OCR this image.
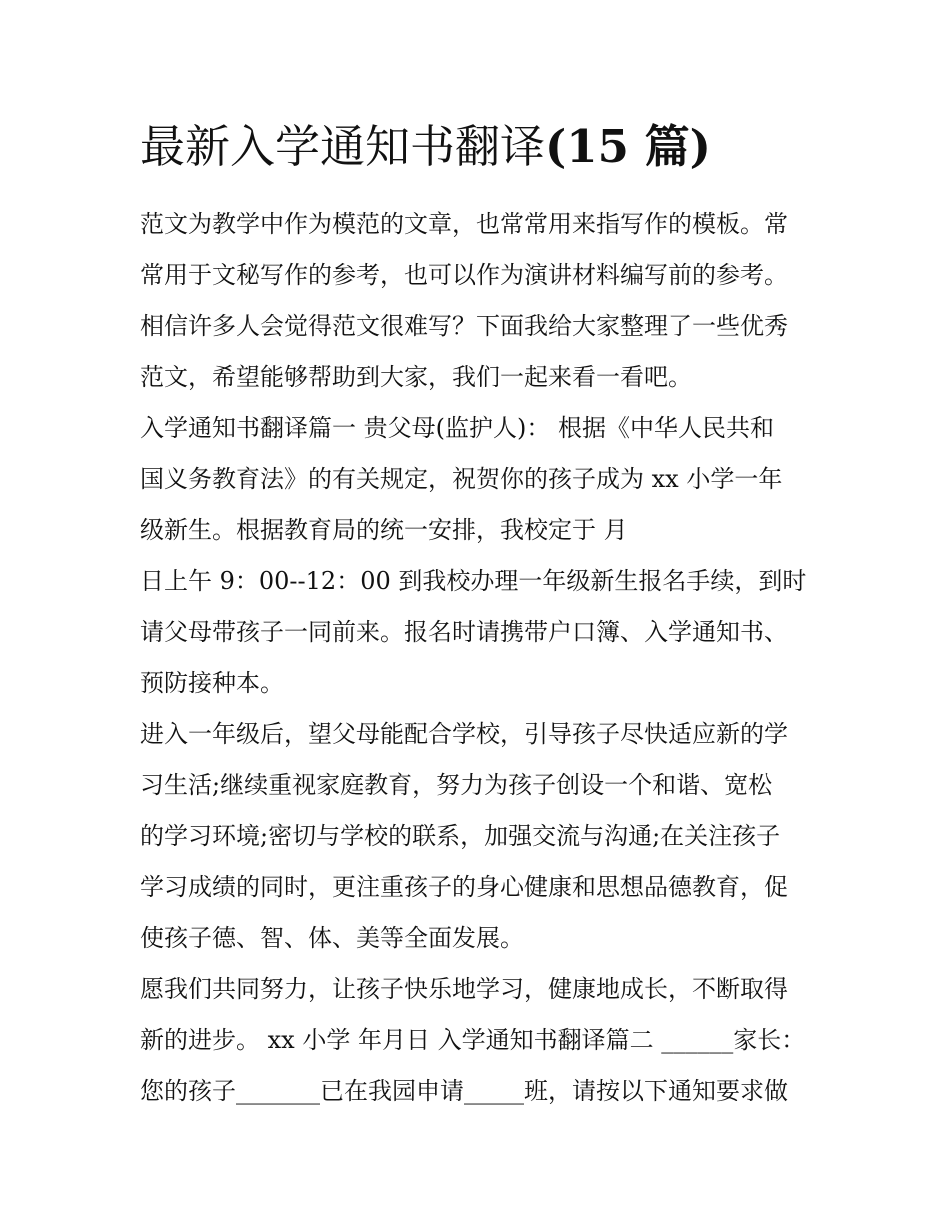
最新入学通知书翻译(15 篇)
范文为教学中作为模范的文章，也常常用来指写作的模板。常
常用于文秘写作的参考，也可以作为演讲材料编写前的参考。
相信许多人会觉得范文很难写？下面我给大家整理了一些优秀
范文，希望能够帮助到大家，我们一起来看一看吧。
入学通知书翻译篇一 贵父母(监护人)： 根据《中华人民共和
国义务教育法》的有关规定，祝贺你的孩子成为 xx 小学一年
级新生。根据教育局的统一安排，我校定于 月
日上午 9：00--12：00 到我校办理一年级新生报名手续，到时
请父母带孩子一同前来。报名时请携带户口簿、入学通知书、
预防接种本。
进入一年级后，望父母能配合学校，引导孩子尽快适应新的学
习生活;继续重视家庭教育，努力为孩子创设一个和谐、宽松
的学习环境;密切与学校的联系，加强交流与沟通;在关注孩子
学习成绩的同时，更注重孩子的身心健康和思想品德教育，促
使孩子德、智、体、美等全面发展。
愿我们共同努力，让孩子快乐地学习，健康地成长，不断取得
新的进步。 xx 小学 年月日 入学通知书翻译篇二 ______家长：
您的孩子_______已在我园申请_____班，请按以下通知要求做
